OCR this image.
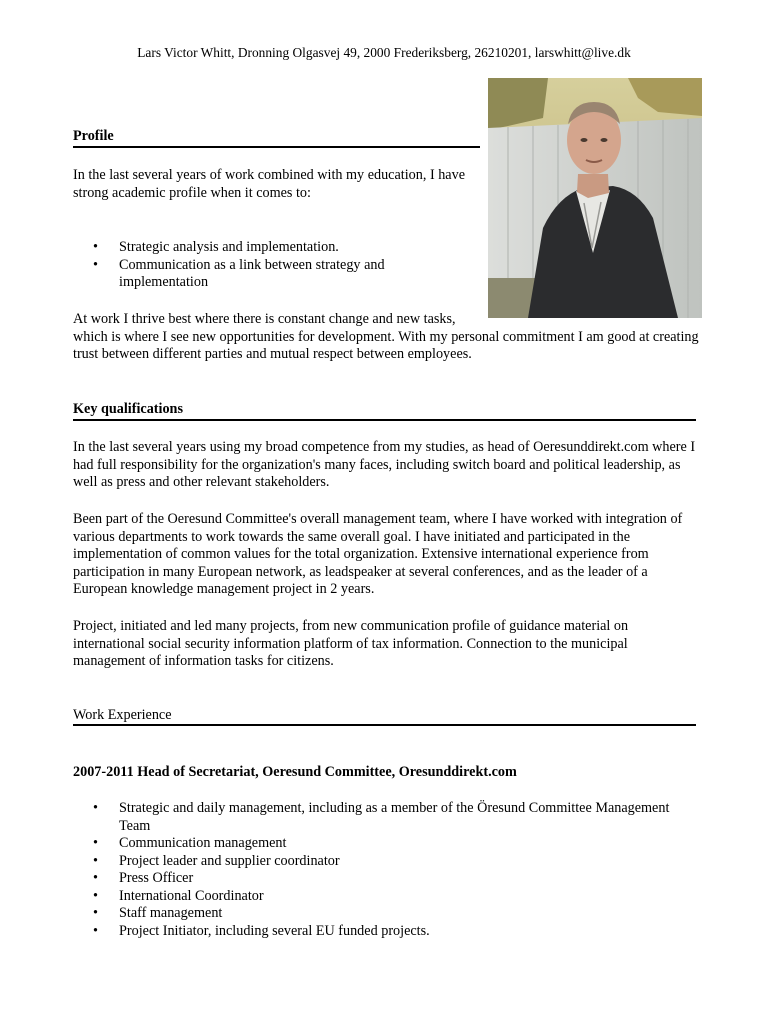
Lars Victor Whitt, Dronning Olgasvej 49, 2000 Frederiksberg, 26210201, larswhitt@live.dk
Profile

In the last several years of work combined with my education, I have strong academic profile when it comes to:

• Strategic analysis and implementation.
• Communication as a link between strategy and implementation

At work I thrive best where there is constant change and new tasks, which is where I see new opportunities for development. With my personal commitment I am good at creating trust between different parties and mutual respect between employees.

Key qualifications

In the last several years using my broad competence from my studies, as head of Oeresunddirekt.com where I had full responsibility for the organization's many faces, including switch board and political leadership, as well as press and other relevant stakeholders.

Been part of the Oeresund Committee's overall management team, where I have worked with integration of various departments to work towards the same overall goal. I have initiated and participated in the implementation of common values for the total organization. Extensive international experience from participation in many European network, as leadspeaker at several conferences, and as the leader of a European knowledge management project in 2 years.

Project, initiated and led many projects, from new communication profile of guidance material on international social security information platform of tax information. Connection to the municipal management of information tasks for citizens.

Work Experience
2007-2011 Head of Secretariat, Oeresund Committee, Oresunddirekt.com
• Strategic and daily management, including as a member of the Öresund Committee Management Team
• Communication management
• Project leader and supplier coordinator
• Press Officer
• International Coordinator
• Staff management
• Project Initiator, including several EU funded projects.
